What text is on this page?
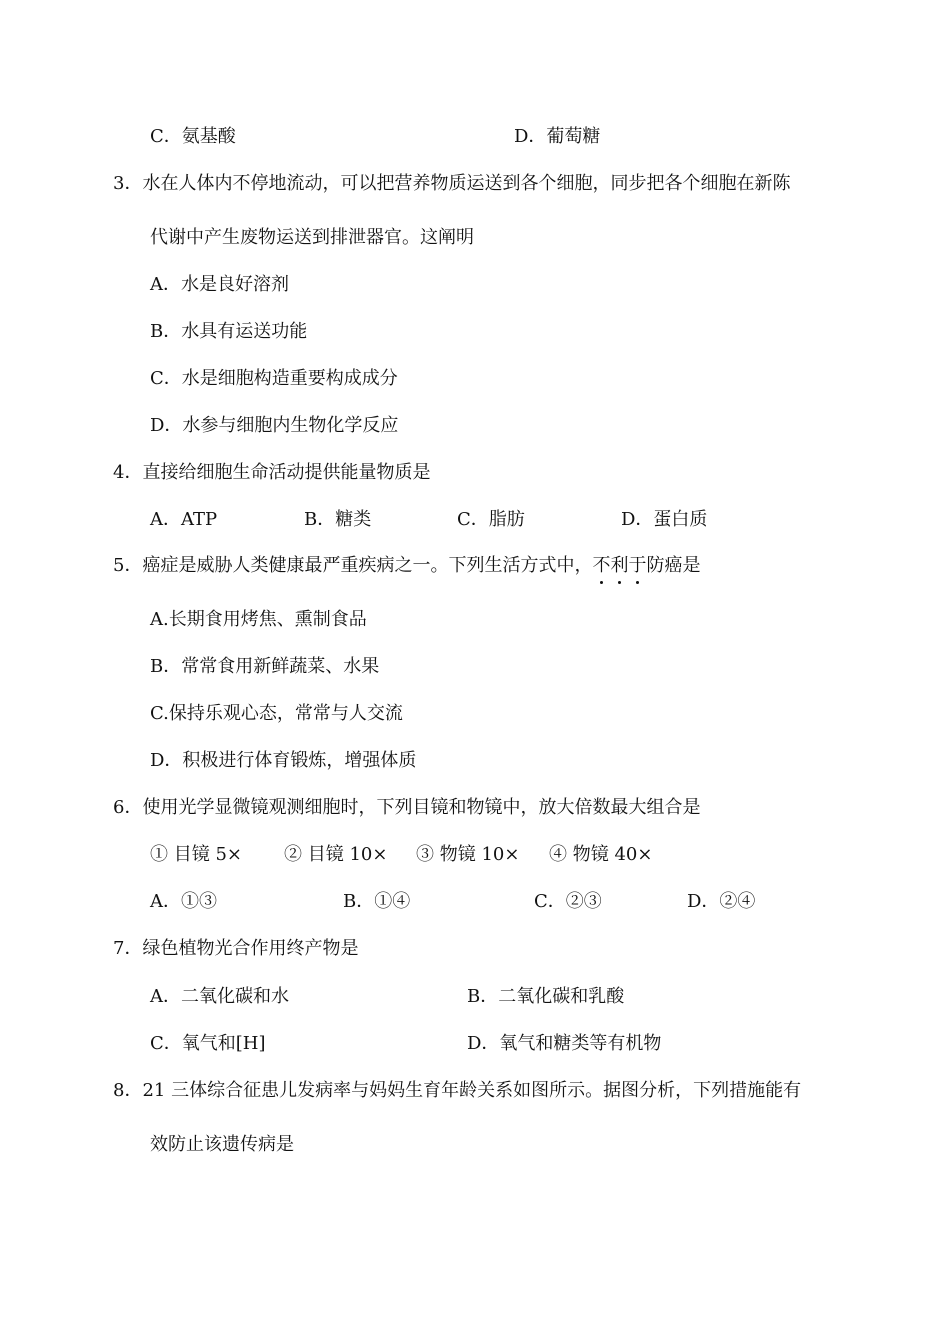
C．氨基酸	D．葡萄糖
3．水在人体内不停地流动，可以把营养物质运送到各个细胞，同步把各个细胞在新陈
代谢中产生废物运送到排泄器官。这阐明
A．水是良好溶剂
B．水具有运送功能
C．水是细胞构造重要构成成分
D．水参与细胞内生物化学反应
4．直接给细胞生命活动提供能量物质是
A．ATP	B．糖类	C．脂肪	D．蛋白质
5．癌症是威胁人类健康最严重疾病之一。下列生活方式中，不利于防癌是
A.长期食用烤焦、熏制食品
B．常常食用新鲜蔬菜、水果
C.保持乐观心态，常常与人交流
D．积极进行体育锻炼，增强体质
6．使用光学显微镜观测细胞时，下列目镜和物镜中，放大倍数最大组合是
① 目镜 5× ② 目镜 10× ③ 物镜 10× ④ 物镜 40×
A．①③	B．①④	C．②③	D．②④
7．绿色植物光合作用终产物是
A．二氧化碳和水	B．二氧化碳和乳酸
C．氧气和[H]	D．氧气和糖类等有机物
8．21 三体综合征患儿发病率与妈妈生育年龄关系如图所示。据图分析，下列措施能有
效防止该遗传病是
